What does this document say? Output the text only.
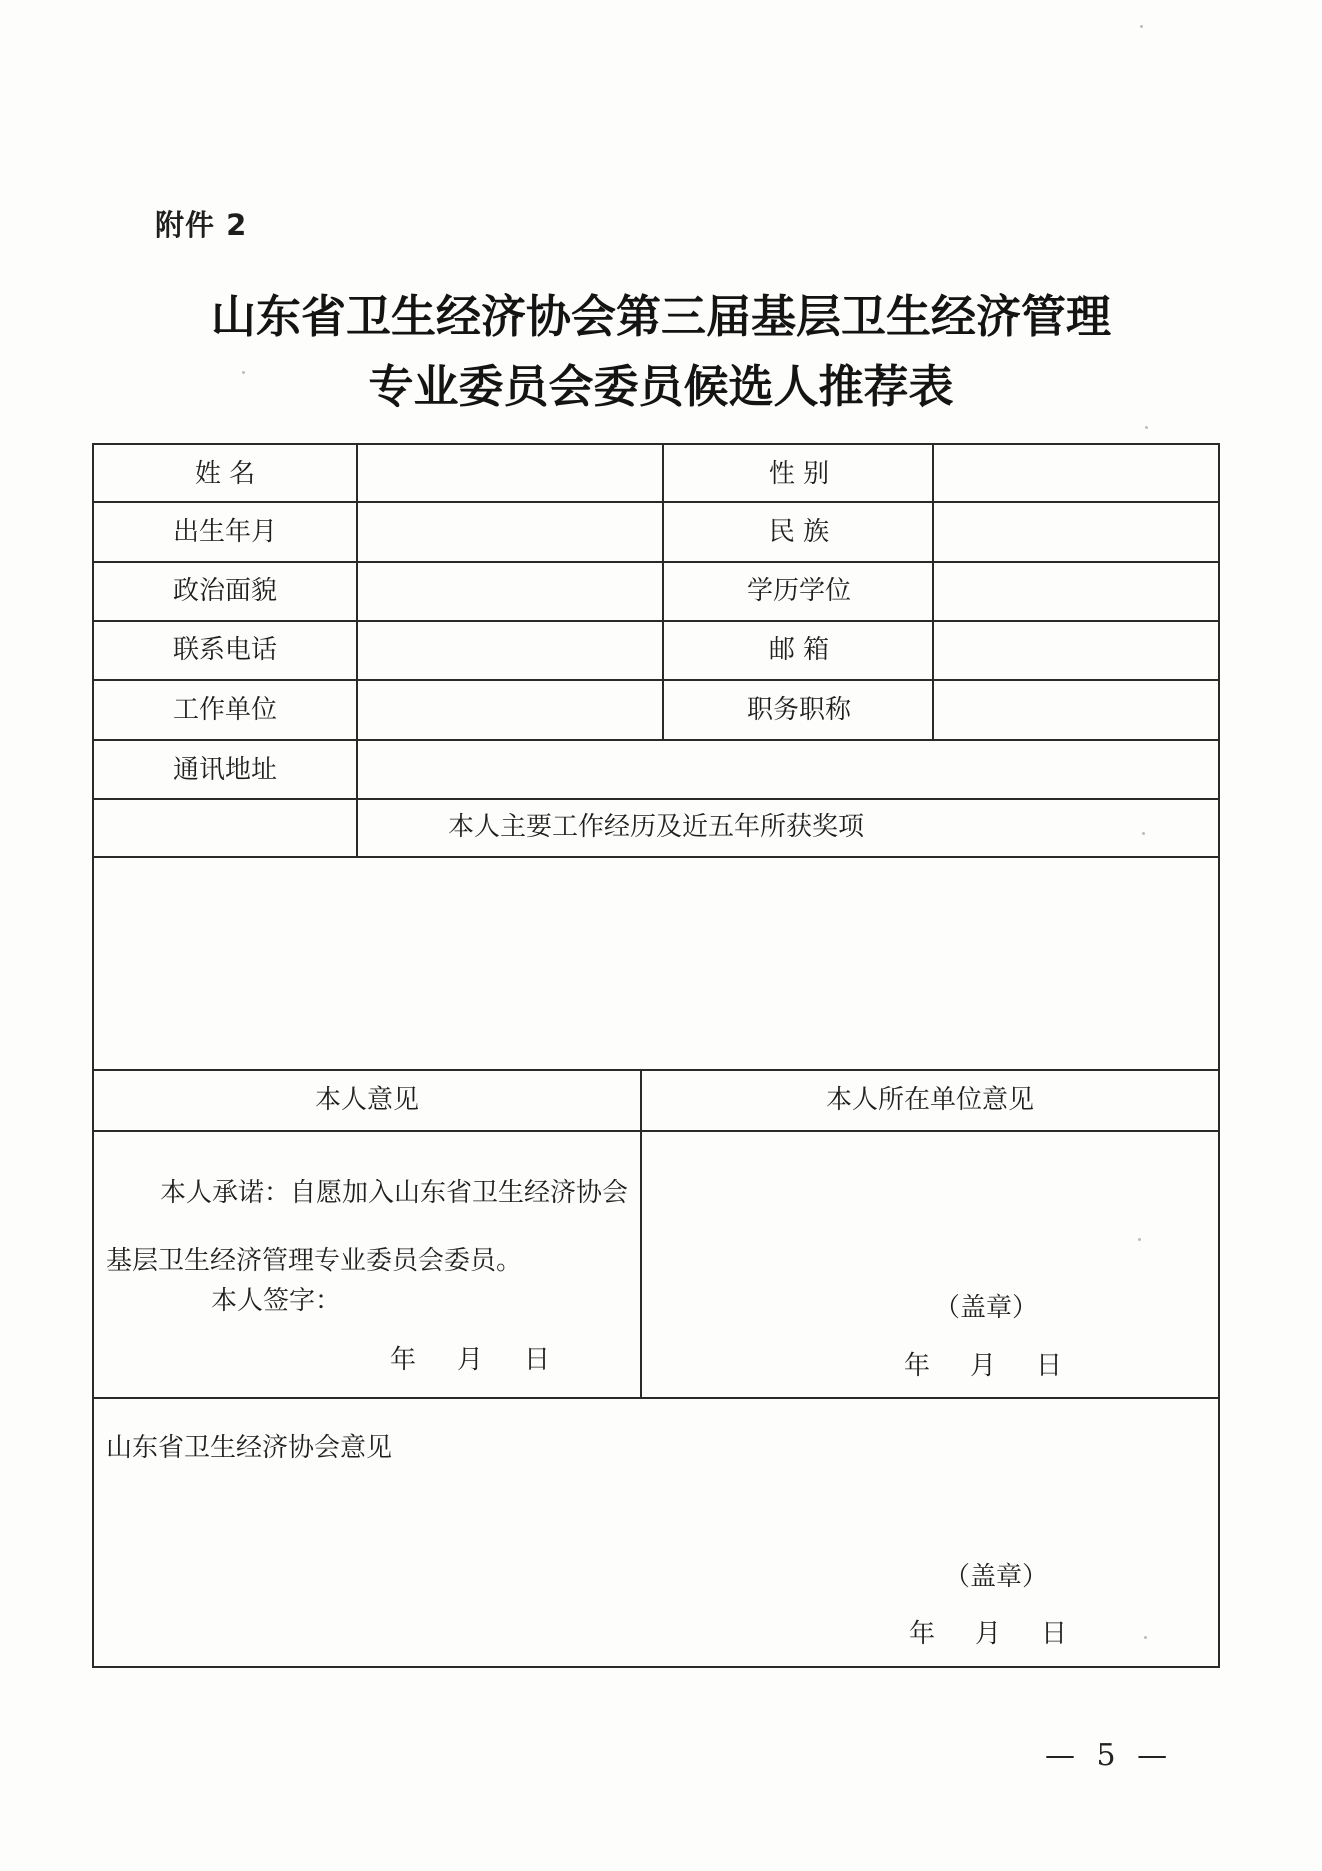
附件 2
山东省卫生经济协会第三届基层卫生经济管理
专业委员会委员候选人推荐表
姓 名	性 别
出生年月	民 族
政治面貌	学历学位
联系电话	邮 箱
工作单位	职务职称
通讯地址
本人主要工作经历及近五年所获奖项
本人意见	本人所在单位意见
本人承诺：自愿加入山东省卫生经济协会
基层卫生经济管理专业委员会委员。
本人签字：
年 月 日
（盖章）
年 月 日
山东省卫生经济协会意见
（盖章）
年 月 日
— 5 —
